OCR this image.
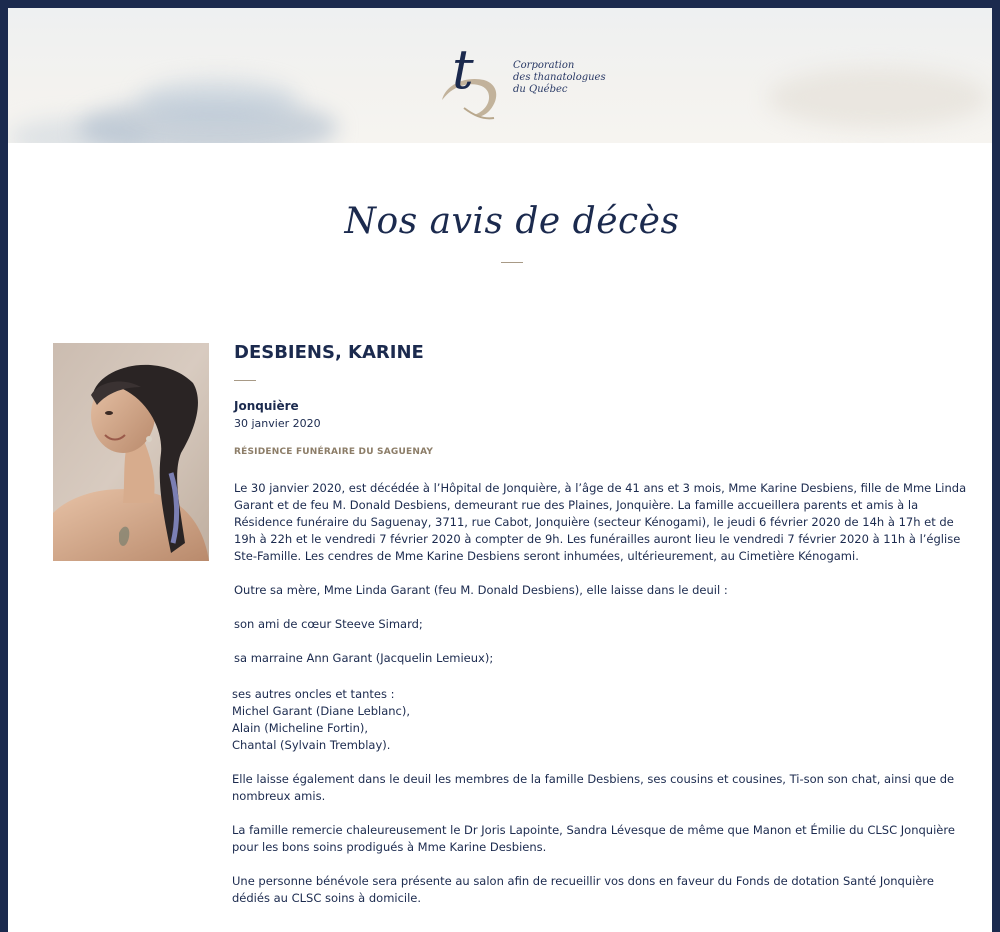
t	Corporation
des thanatologues
du Québec
Nos avis de décès
DESBIENS, KARINE
Jonquière
30 janvier 2020
RÉSIDENCE FUNÉRAIRE DU SAGUENAY

Le 30 janvier 2020, est décédée à l’Hôpital de Jonquière, à l’âge de 41 ans et 3 mois, Mme Karine Desbiens, fille de Mme Linda Garant et de feu M. Donald Desbiens, demeurant rue des Plaines, Jonquière. La famille accueillera parents et amis à la Résidence funéraire du Saguenay, 3711, rue Cabot, Jonquière (secteur Kénogami), le jeudi 6 février 2020 de 14h à 17h et de 19h à 22h et le vendredi 7 février 2020 à compter de 9h. Les funérailles auront lieu le vendredi 7 février 2020 à 11h à l’église Ste-Famille. Les cendres de Mme Karine Desbiens seront inhumées, ultérieurement, au Cimetière Kénogami.

Outre sa mère, Mme Linda Garant (feu M. Donald Desbiens), elle laisse dans le deuil :

son ami de cœur Steeve Simard;

sa marraine Ann Garant (Jacquelin Lemieux);

ses autres oncles et tantes :
Michel Garant (Diane Leblanc),
Alain (Micheline Fortin),
Chantal (Sylvain Tremblay).

Elle laisse également dans le deuil les membres de la famille Desbiens, ses cousins et cousines, Ti-son son chat, ainsi que de nombreux amis.

La famille remercie chaleureusement le Dr Joris Lapointe, Sandra Lévesque de même que Manon et Émilie du CLSC Jonquière pour les bons soins prodigués à Mme Karine Desbiens.

Une personne bénévole sera présente au salon afin de recueillir vos dons en faveur du Fonds de dotation Santé Jonquière dédiés au CLSC soins à domicile.
